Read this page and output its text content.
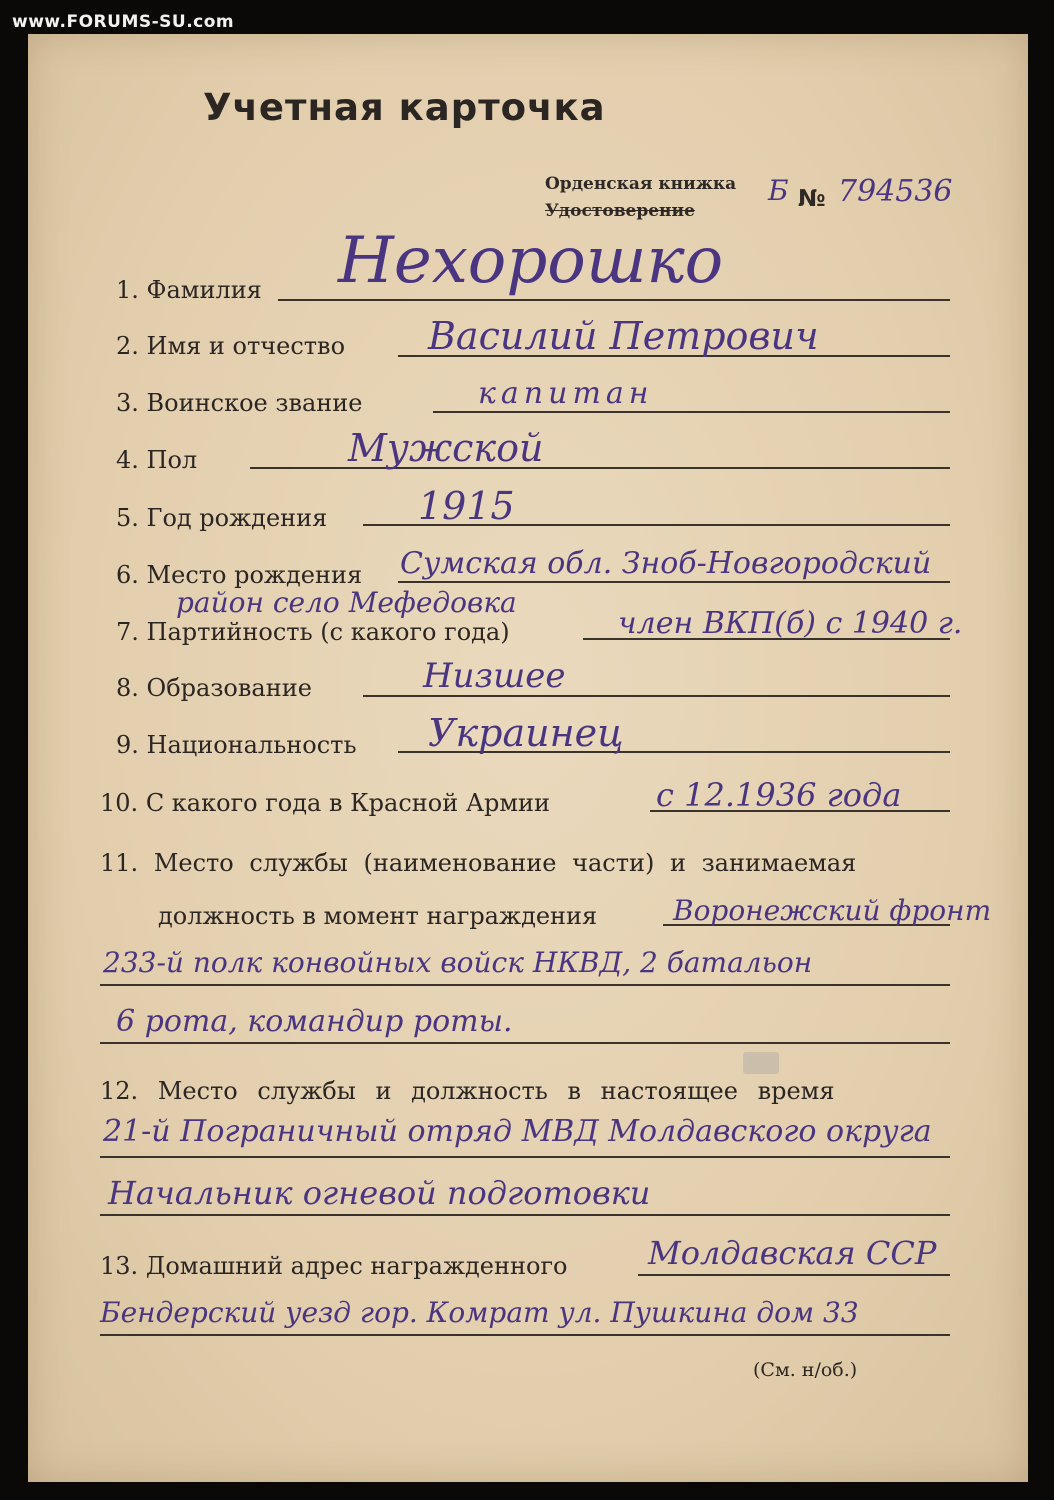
www.FORUMS-SU.com
Учетная карточка
Орденская книжка
Удостоверение
Б № 794536
1. Фамилия Нехорошко
2. Имя и отчество Василий Петрович
3. Воинское звание	капитан
4. Пол	Мужской
5. Год рождения 1915
6. Место рождения Сумская обл. Зноб-Новгородский
район село Мефедовка
7. Партийность (с какого года)	член ВКП(б) с 1940 г.
8. Образование	Низшее
9. Национальность Украинец
10. С какого года в Красной Армии	с 12.1936 года
11. Место службы (наименование части) и занимаемая
должность в момент награждения	Воронежский фронт
233-й полк конвойных войск НКВД, 2 батальон
6 рота, командир роты.
12. Место службы и должность в настоящее время
21-й Пограничный отряд МВД Молдавского округа
Начальник огневой подготовки
13. Домашний адрес награжденного	Молдавская ССР
Бендерский уезд гор. Комрат ул. Пушкина дом 33
(См. н/об.)
